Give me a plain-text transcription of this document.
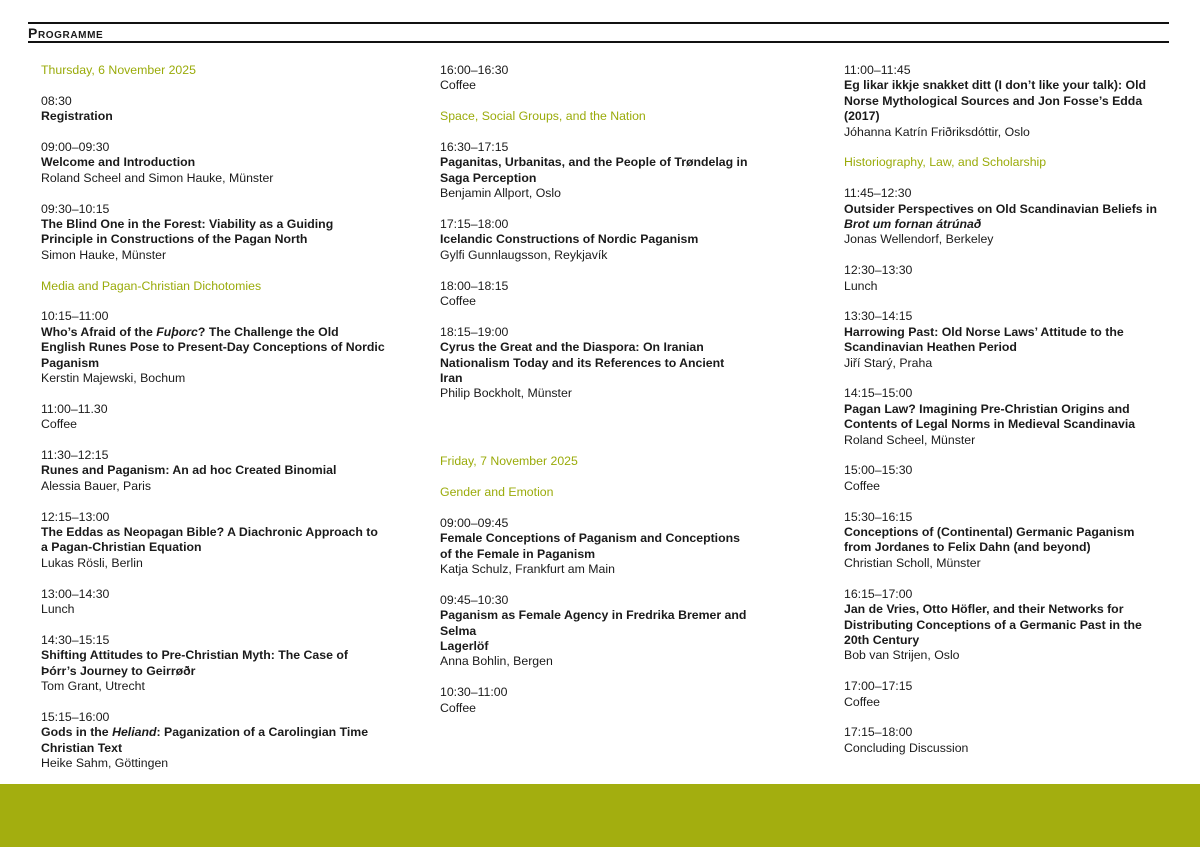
Programme
Thursday, 6 November 2025
08:30
Registration
09:00–09:30
Welcome and Introduction
Roland Scheel and Simon Hauke, Münster
09:30–10:15
The Blind One in the Forest: Viability as a Guiding Principle in Constructions of the Pagan North
Simon Hauke, Münster
Media and Pagan-Christian Dichotomies
10:15–11:00
Who’s Afraid of the Fuþorc? The Challenge the Old English Runes Pose to Present-Day Conceptions of Nordic Paganism
Kerstin Majewski, Bochum
11:00–11.30
Coffee
11:30–12:15
Runes and Paganism: An ad hoc Created Binomial
Alessia Bauer, Paris
12:15–13:00
The Eddas as Neopagan Bible? A Diachronic Approach to a Pagan-Christian Equation
Lukas Rösli, Berlin
13:00–14:30
Lunch
14:30–15:15
Shifting Attitudes to Pre-Christian Myth: The Case of Þórr’s Journey to Geirrøðr
Tom Grant, Utrecht
15:15–16:00
Gods in the Heliand: Paganization of a Carolingian Time Christian Text
Heike Sahm, Göttingen
16:00–16:30
Coffee
Space, Social Groups, and the Nation
16:30–17:15
Paganitas, Urbanitas, and the People of Trøndelag in Saga Perception
Benjamin Allport, Oslo
17:15–18:00
Icelandic Constructions of Nordic Paganism
Gylfi Gunnlaugsson, Reykjavík
18:00–18:15
Coffee
18:15–19:00
Cyrus the Great and the Diaspora: On Iranian Nationalism Today and its References to Ancient Iran
Philip Bockholt, Münster
Friday, 7 November 2025
Gender and Emotion
09:00–09:45
Female Conceptions of Paganism and Conceptions of the Female in Paganism
Katja Schulz, Frankfurt am Main
09:45–10:30
Paganism as Female Agency in Fredrika Bremer and Selma
Lagerlöf
Anna Bohlin, Bergen
10:30–11:00
Coffee
11:00–11:45
Eg likar ikkje snakket ditt (I don’t like your talk): Old Norse Mythological Sources and Jon Fosse’s Edda (2017)
Jóhanna Katrín Friðriksdóttir, Oslo
Historiography, Law, and Scholarship
11:45–12:30
Outsider Perspectives on Old Scandinavian Beliefs in
Brot um fornan átrúnað
Jonas Wellendorf, Berkeley
12:30–13:30
Lunch
13:30–14:15
Harrowing Past: Old Norse Laws’ Attitude to the Scandinavian Heathen Period
Jiří Starý, Praha
14:15–15:00
Pagan Law? Imagining Pre-Christian Origins and Contents of Legal Norms in Medieval Scandinavia
Roland Scheel, Münster
15:00–15:30
Coffee
15:30–16:15
Conceptions of (Continental) Germanic Paganism from Jordanes to Felix Dahn (and beyond)
Christian Scholl, Münster
16:15–17:00
Jan de Vries, Otto Höfler, and their Networks for Distributing Conceptions of a Germanic Past in the 20th Century
Bob van Strijen, Oslo
17:00–17:15
Coffee
17:15–18:00
Concluding Discussion
